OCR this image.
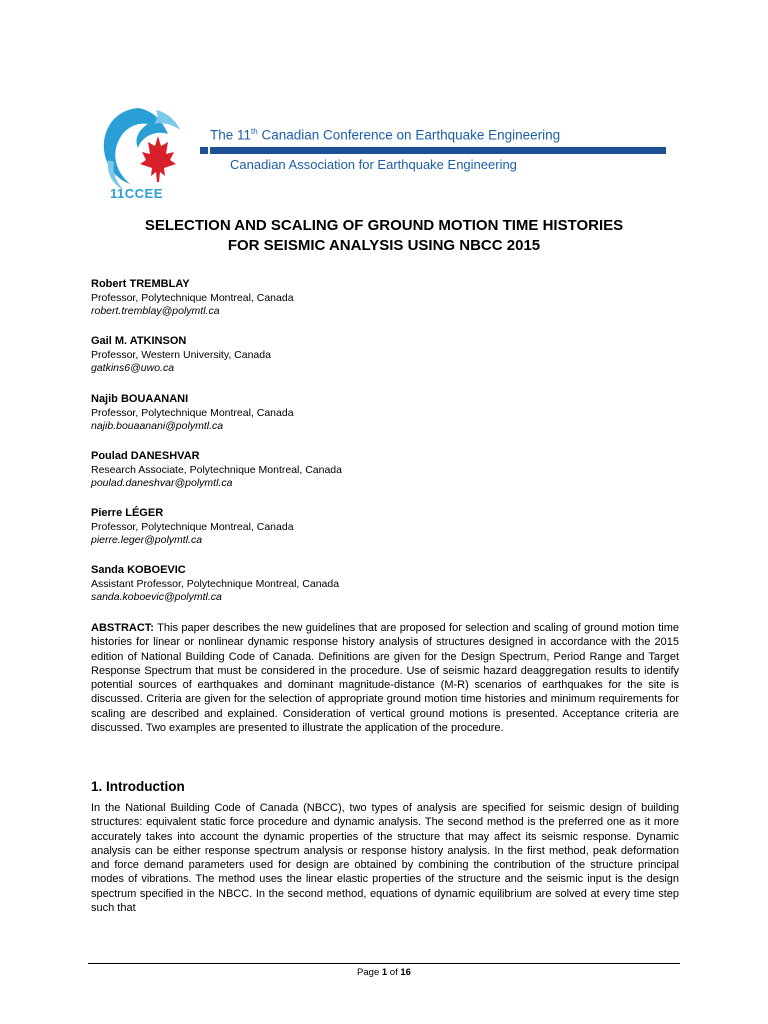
11CCEE
The 11th Canadian Conference on Earthquake Engineering
Canadian Association for Earthquake Engineering
SELECTION AND SCALING OF GROUND MOTION TIME HISTORIES
FOR SEISMIC ANALYSIS USING NBCC 2015
Robert TREMBLAY
Professor, Polytechnique Montreal, Canada
robert.tremblay@polymtl.ca
Gail M. ATKINSON
Professor, Western University, Canada
gatkins6@uwo.ca
Najib BOUAANANI
Professor, Polytechnique Montreal, Canada
najib.bouaanani@polymtl.ca
Poulad DANESHVAR
Research Associate, Polytechnique Montreal, Canada
poulad.daneshvar@polymtl.ca
Pierre LÉGER
Professor, Polytechnique Montreal, Canada
pierre.leger@polymtl.ca
Sanda KOBOEVIC
Assistant Professor, Polytechnique Montreal, Canada
sanda.koboevic@polymtl.ca
ABSTRACT: This paper describes the new guidelines that are proposed for selection and scaling of ground motion time histories for linear or nonlinear dynamic response history analysis of structures designed in accordance with the 2015 edition of National Building Code of Canada. Definitions are given for the Design Spectrum, Period Range and Target Response Spectrum that must be considered in the procedure. Use of seismic hazard deaggregation results to identify potential sources of earthquakes and dominant magnitude-distance (M-R) scenarios of earthquakes for the site is discussed. Criteria are given for the selection of appropriate ground motion time histories and minimum requirements for scaling are described and explained. Consideration of vertical ground motions is presented. Acceptance criteria are discussed. Two examples are presented to illustrate the application of the procedure.
1. Introduction
In the National Building Code of Canada (NBCC), two types of analysis are specified for seismic design of building structures: equivalent static force procedure and dynamic analysis. The second method is the preferred one as it more accurately takes into account the dynamic properties of the structure that may affect its seismic response. Dynamic analysis can be either response spectrum analysis or response history analysis. In the first method, peak deformation and force demand parameters used for design are obtained by combining the contribution of the structure principal modes of vibrations. The method uses the linear elastic properties of the structure and the seismic input is the design spectrum specified in the NBCC. In the second method, equations of dynamic equilibrium are solved at every time step such that
Page 1 of 16
